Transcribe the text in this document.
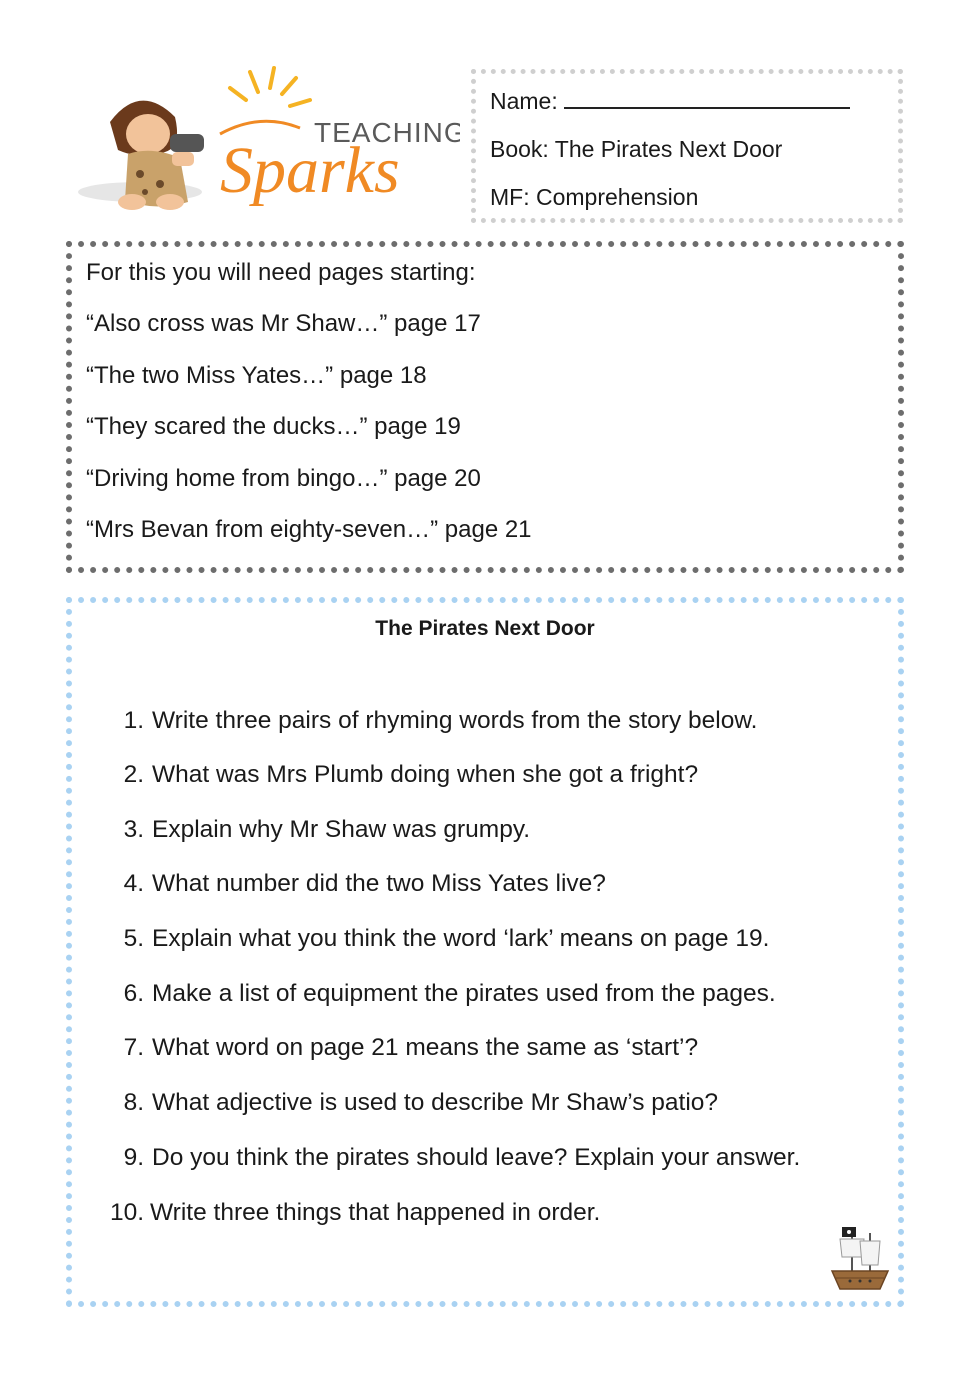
TEACHING
Sparks
Name:
Book: The Pirates Next Door
MF: Comprehension
For this you will need pages starting:
“Also cross was Mr Shaw…” page 17
“The two Miss Yates…” page 18
“They scared the ducks…” page 19
“Driving home from bingo…” page 20
“Mrs Bevan from eighty-seven…” page 21
The Pirates Next Door
1. Write three pairs of rhyming words from the story below.
2. What was Mrs Plumb doing when she got a fright?
3. Explain why Mr Shaw was grumpy.
4. What number did the two Miss Yates live?
5. Explain what you think the word ‘lark’ means on page 19.
6. Make a list of equipment the pirates used from the pages.
7. What word on page 21 means the same as ‘start’?
8. What adjective is used to describe Mr Shaw’s patio?
9. Do you think the pirates should leave? Explain your answer.
10. Write three things that happened in order.
